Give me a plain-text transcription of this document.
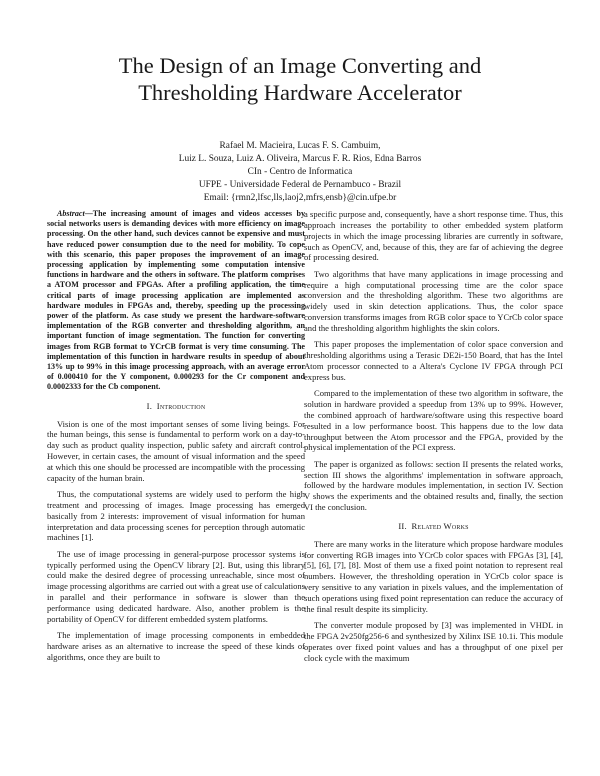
The Design of an Image Converting and
Thresholding Hardware Accelerator
Rafael M. Macieira, Lucas F. S. Cambuim,
Luiz L. Souza, Luiz A. Oliveira, Marcus F. R. Rios, Edna Barros
CIn - Centro de Informatica
UFPE - Universidade Federal de Pernambuco - Brazil
Email: {rmn2,lfsc,lls,laoj2,mfrs,ensb}@cin.ufpe.br

Abstract—The increasing amount of images and videos accesses by social networks users is demanding devices with more efficiency on image processing. On the other hand, such devices cannot be expensive and must have reduced power consumption due to the need for mobility. To cope with this scenario, this paper proposes the improvement of an image processing application by implementing some computation intensive functions in hardware and the others in software. The platform comprises a ATOM processor and FPGAs. After a profiling application, the time critical parts of image processing application are implemented as hardware modules in FPGAs and, thereby, speeding up the processing power of the platform. As case study we present the hardware-software implementation of the RGB converter and thresholding algorithm, an important function of image segmentation. The function for converting images from RGB format to YCrCB format is very time consuming. The implementation of this function in hardware results in speedup of about 13% up to 99% in this image processing approach, with an average error of 0.000410 for the Y component, 0.000293 for the Cr component and 0.0002333 for the Cb component.

I. Introduction

Vision is one of the most important senses of some living beings. For the human beings, this sense is fundamental to perform work on a day-to-day such as product quality inspection, public safety and aircraft control. However, in certain cases, the amount of visual information and the speed at which this one should be processed are incompatible with the processing capacity of the human brain.

Thus, the computational systems are widely used to perform the high treatment and processing of images. Image processing has emerged basically from 2 interests: improvement of visual information for human interpretation and data processing scenes for perception through automatic machines [1].

The use of image processing in general-purpose processor systems is typically performed using the OpenCV library [2]. But, using this library could make the desired degree of processing unreachable, since most of image processing algorithms are carried out with a great use of calculations in parallel and their performance in software is slower than the performance using dedicated hardware. Also, another problem is the portability of OpenCV for different embedded system platforms.

The implementation of image processing components in embedded hardware arises as an alternative to increase the speed of these kinds of algorithms, once they are built to

a specific purpose and, consequently, have a short response time. Thus, this approach increases the portability to other embedded system platform projects in which the image processing libraries are currently in software, such as OpenCV, and, because of this, they are far of achieving the degree of processing desired.

Two algorithms that have many applications in image processing and require a high computational processing time are the color space conversion and the thresholding algorithm. These two algorithms are widely used in skin detection applications. Thus, the color space conversion transforms images from RGB color space to YCrCb color space and the thresholding algorithm highlights the skin colors.

This paper proposes the implementation of color space conversion and thresholding algorithms using a Terasic DE2i-150 Board, that has the Intel Atom processor connected to a Altera's Cyclone IV FPGA through PCI express bus.

Compared to the implementation of these two algorithm in software, the solution in hardware provided a speedup from 13% up to 99%. However, the combined approach of hardware/software using this respective board resulted in a low performance boost. This happens due to the low data throughput between the Atom processor and the FPGA, provided by the physical implementation of the PCI express.

The paper is organized as follows: section II presents the related works, section III shows the algorithms' implementation in software approach, followed by the hardware modules implementation, in section IV. Section V shows the experiments and the obtained results and, finally, the section VI the conclusion.

II. Related Works

There are many works in the literature which propose hardware modules for converting RGB images into YCrCb color spaces with FPGAs [3], [4], [5], [6], [7], [8]. Most of them use a fixed point notation to represent real numbers. However, the thresholding operation in YCrCb color space is very sensitive to any variation in pixels values, and the implementation of such operations using fixed point representation can reduce the accuracy of the final result despite its simplicity.

The converter module proposed by [3] was implemented in VHDL in the FPGA 2v250fg256-6 and synthesized by Xilinx ISE 10.1i. This module operates over fixed point values and has a throughput of one pixel per clock cycle with the maximum
